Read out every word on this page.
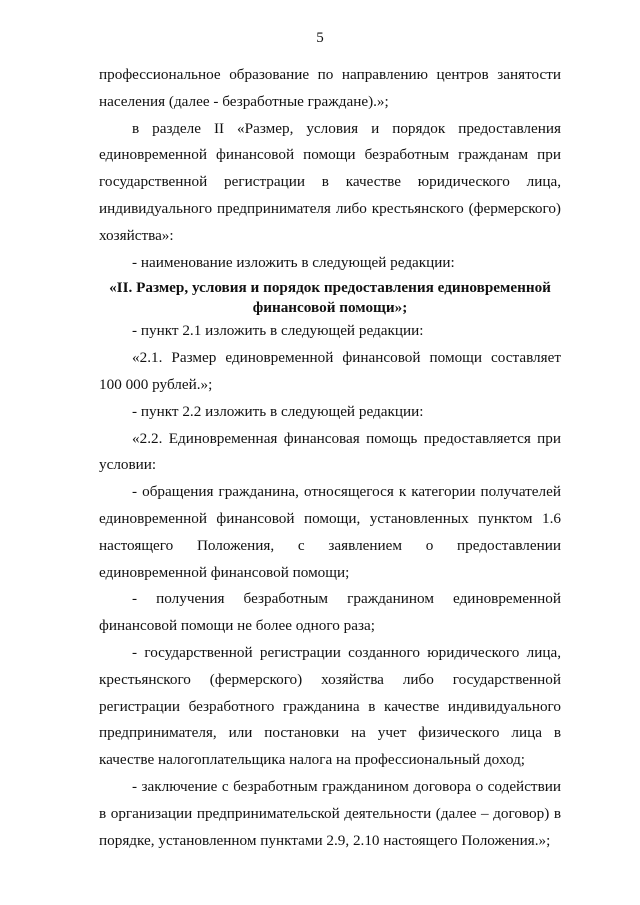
5

профессиональное образование по направлению центров занятости населения (далее - безработные граждане).»;

в разделе II «Размер, условия и порядок предоставления единовременной финансовой помощи безработным гражданам при государственной регистрации в качестве юридического лица, индивидуального предпринимателя либо крестьянского (фермерского) хозяйства»:

- наименование изложить в следующей редакции:

«II. Размер, условия и порядок предоставления единовременной финансовой помощи»;

- пункт 2.1 изложить в следующей редакции:

«2.1. Размер единовременной финансовой помощи составляет 100 000 рублей.»;

- пункт 2.2 изложить в следующей редакции:

«2.2. Единовременная финансовая помощь предоставляется при условии:

- обращения гражданина, относящегося к категории получателей единовременной финансовой помощи, установленных пунктом 1.6 настоящего Положения, с заявлением о предоставлении единовременной финансовой помощи;

- получения безработным гражданином единовременной финансовой помощи не более одного раза;

- государственной регистрации созданного юридического лица, крестьянского (фермерского) хозяйства либо государственной регистрации безработного гражданина в качестве индивидуального предпринимателя, или постановки на учет физического лица в качестве налогоплательщика налога на профессиональный доход;

- заключение с безработным гражданином договора о содействии в организации предпринимательской деятельности (далее – договор) в порядке, установленном пунктами 2.9, 2.10 настоящего Положения.»;
